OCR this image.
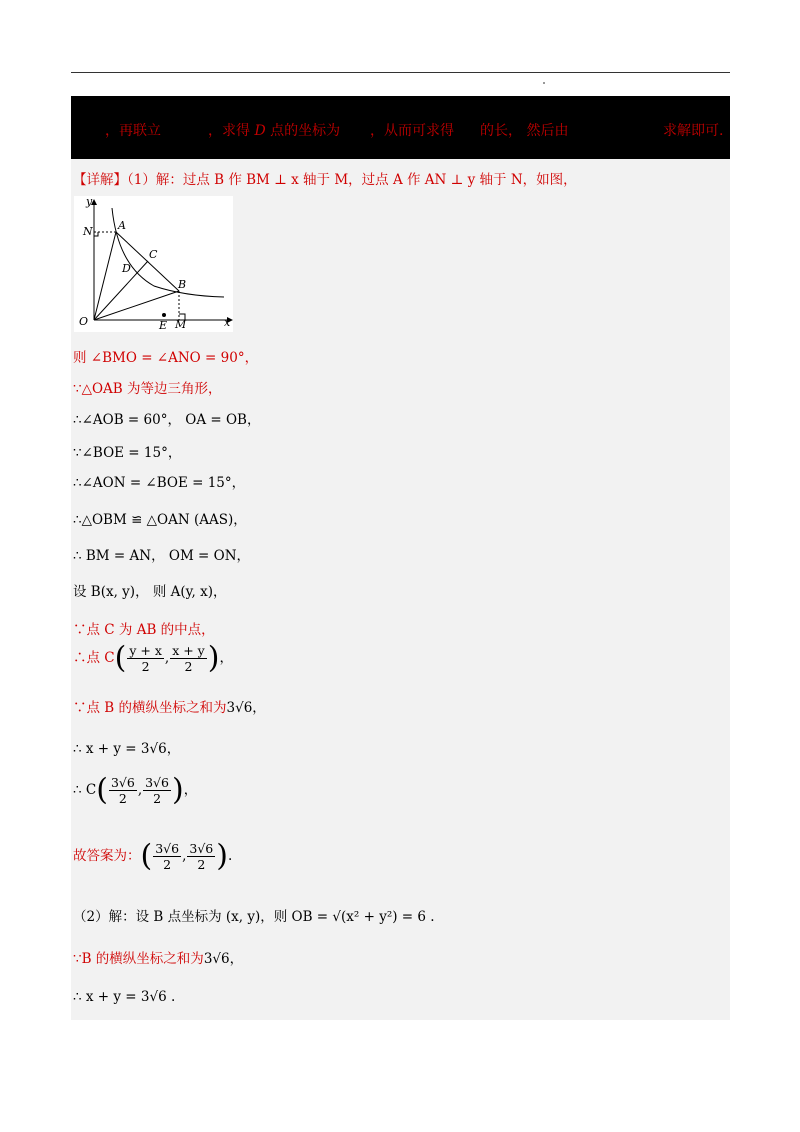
，再联立	，求得 D 点的坐标为 ，从而可求得 的长， 然后由	求解即可.
【详解】（1）解：过点 B 作 BM ⊥ x 轴于 M，过点 A 作 AN ⊥ y 轴于 N，如图，
y
N A
C
D
B
O	E M	x
则 ∠BMO = ∠ANO = 90°，
∵△OAB 为等边三角形，
∴∠AOB = 60°， OA = OB，
∵∠BOE = 15°，
∴∠AON = ∠BOE = 15°，
∴△OBM ≌ △OAN (AAS)，
∴ BM = AN， OM = ON，
设 B(x, y)， 则 A(y, x)，
∵点 C 为 AB 的中点，
∴点 $C( \frac{y + x}{2}$ , $\frac{x + y}{2}$ )，
∵点 B 的横纵坐标之和为3√6，
∴ x + y = 3√6，
∴ $C( \frac{3√6}{2}$ , $\frac{3√6}{2}$ )，
故答案为：( $\frac{3√6}{2}$ , $\frac{3√6}{2}$ ).
（2）解：设 B 点坐标为 (x, y)，则 OB = √(x² + y²) = 6 .
∵B 的横纵坐标之和为3√6，
∴ x + y = 3√6 .
